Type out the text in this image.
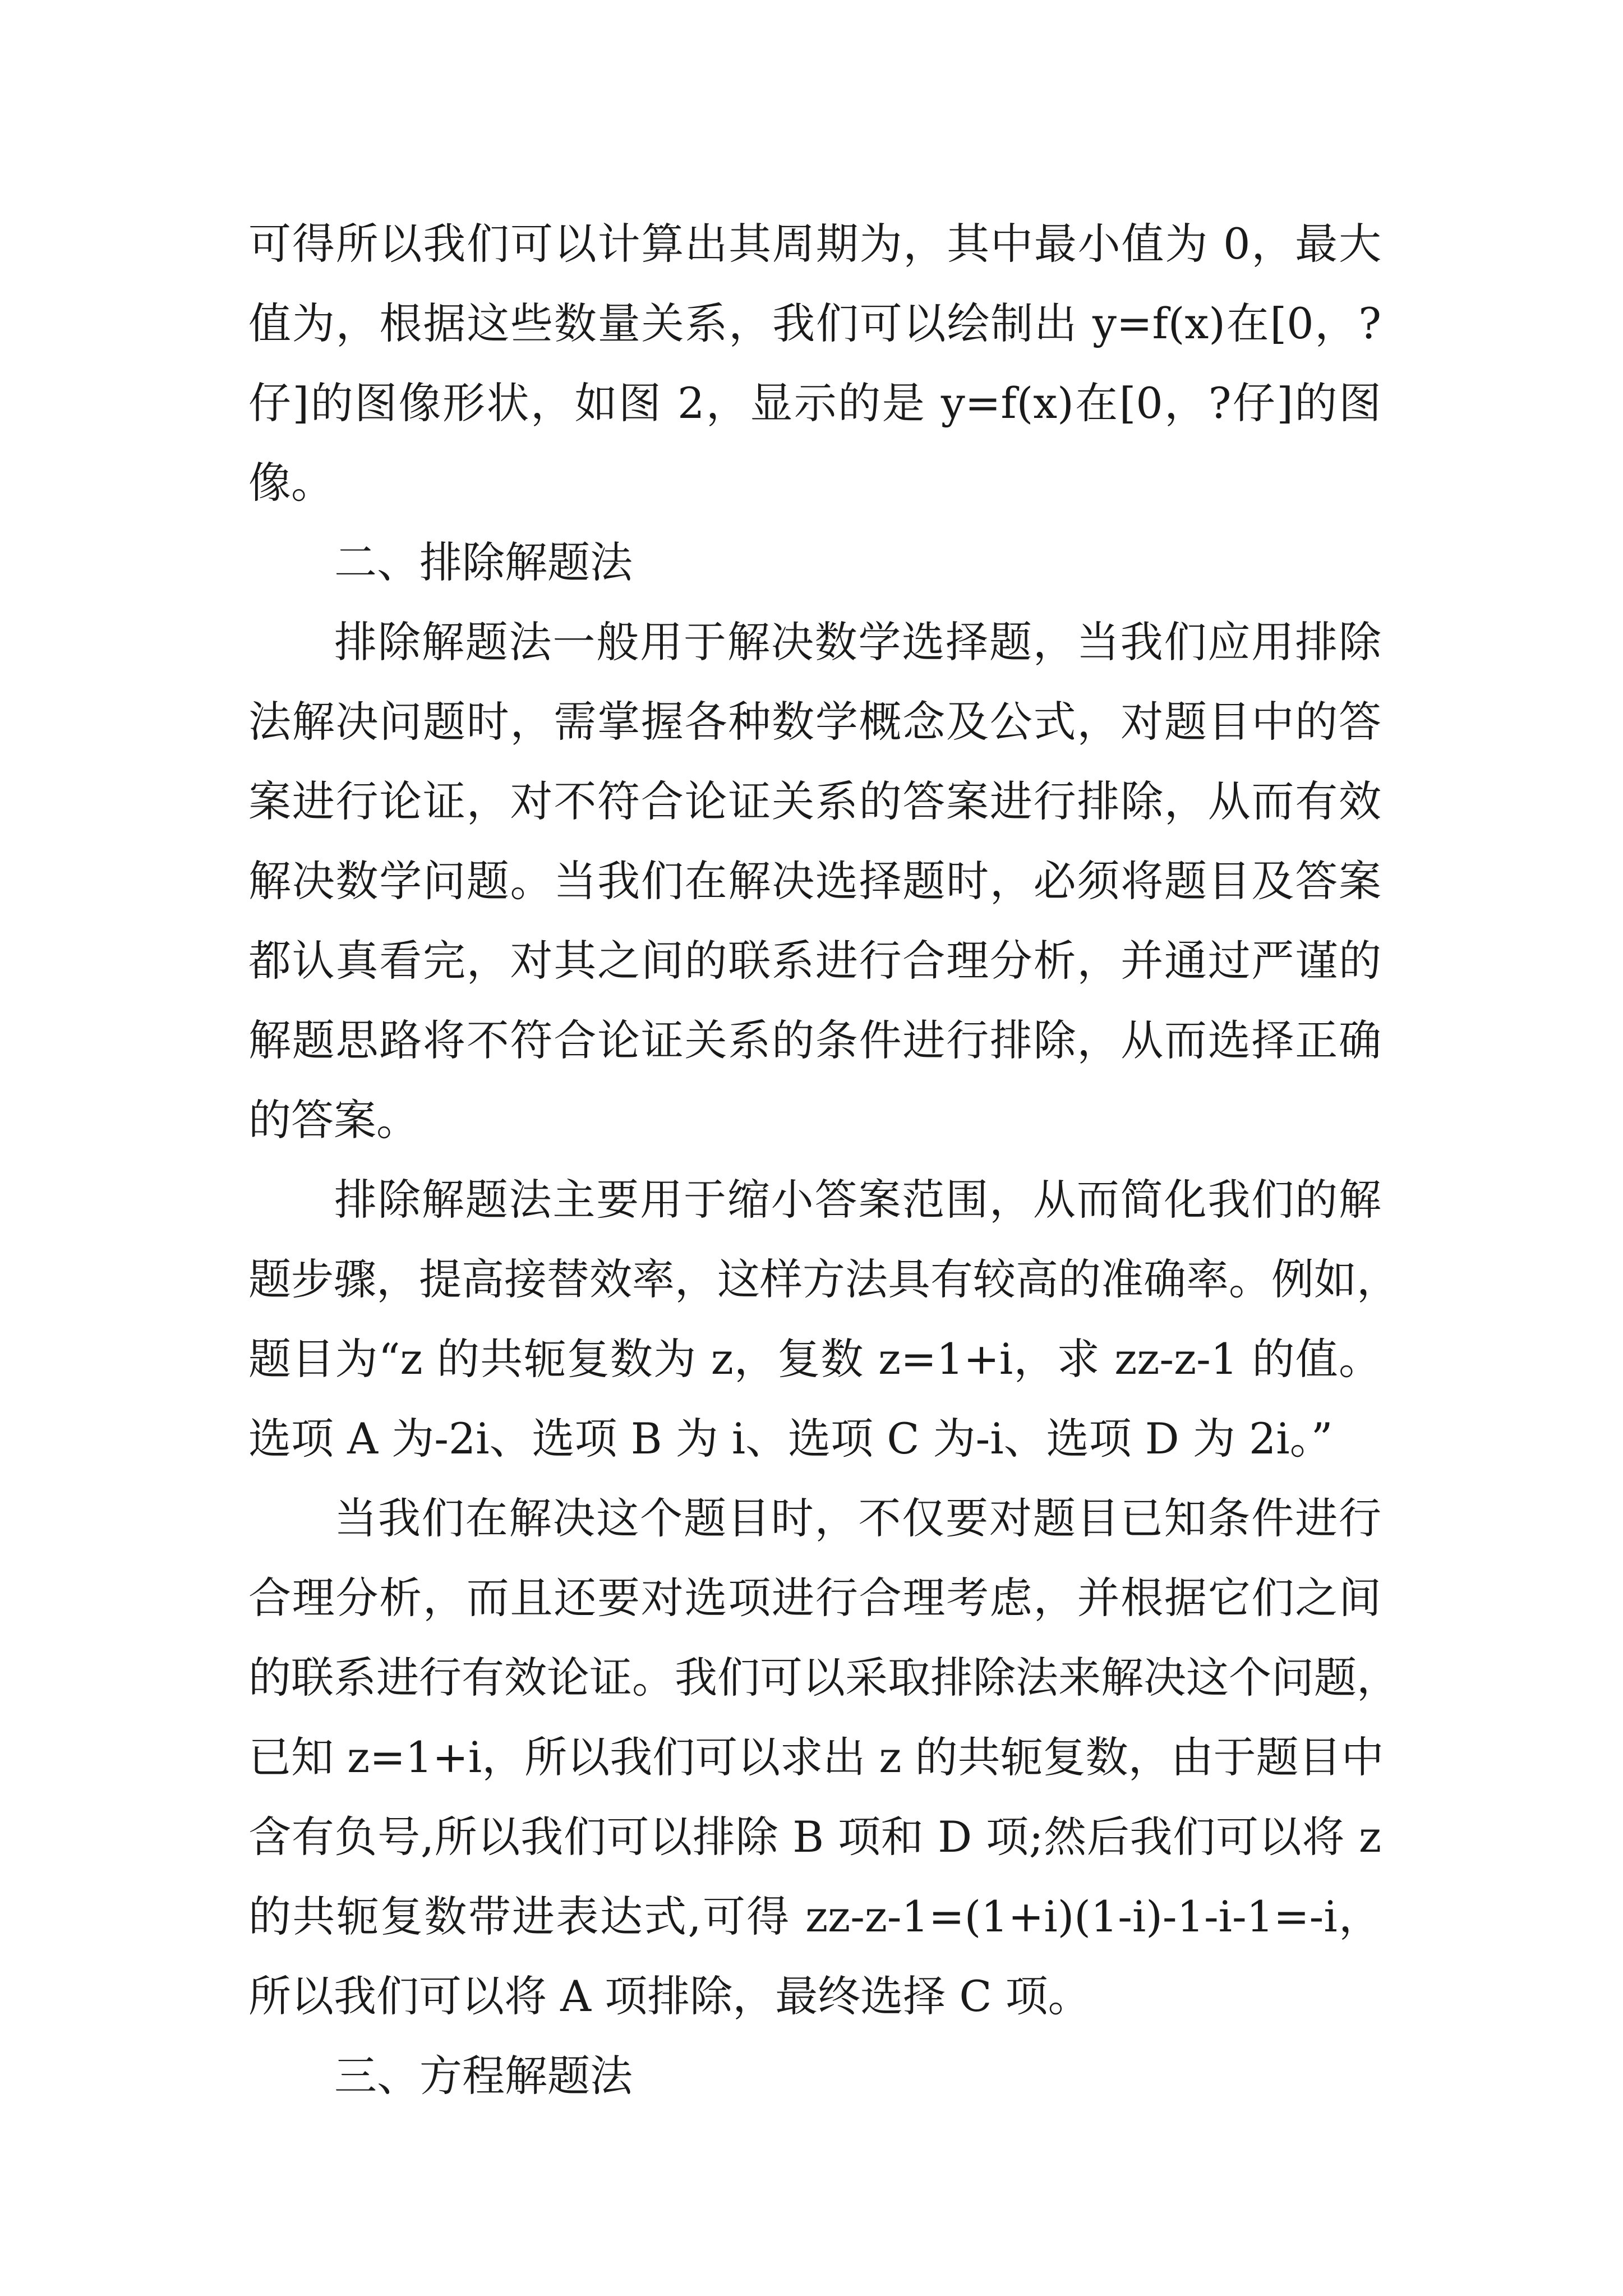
可得所以我们可以计算出其周期为，其中最小值为 0，最大
值为，根据这些数量关系，我们可以绘制出 y=f(x)在[0，?
仔]的图像形状，如图 2，显示的是 y=f(x)在[0，?仔]的图
像。
二、排除解题法
排除解题法一般用于解决数学选择题，当我们应用排除
法解决问题时，需掌握各种数学概念及公式，对题目中的答
案进行论证，对不符合论证关系的答案进行排除，从而有效
解决数学问题。当我们在解决选择题时，必须将题目及答案
都认真看完，对其之间的联系进行合理分析，并通过严谨的
解题思路将不符合论证关系的条件进行排除，从而选择正确
的答案。
排除解题法主要用于缩小答案范围，从而简化我们的解
题步骤，提高接替效率，这样方法具有较高的准确率。例如，
题目为“z 的共轭复数为 z，复数 z=1+i，求 zz-z-1 的值。
选项 A 为-2i、选项 B 为 i、选项 C 为-i、选项 D 为 2i。”
当我们在解决这个题目时，不仅要对题目已知条件进行
合理分析，而且还要对选项进行合理考虑，并根据它们之间
的联系进行有效论证。我们可以采取排除法来解决这个问题，
已知 z=1+i，所以我们可以求出 z 的共轭复数，由于题目中
含有负号,所以我们可以排除 B 项和 D 项;然后我们可以将 z
的共轭复数带进表达式,可得 zz-z-1=(1+i)(1-i)-1-i-1=-i，
所以我们可以将 A 项排除，最终选择 C 项。
三、方程解题法
